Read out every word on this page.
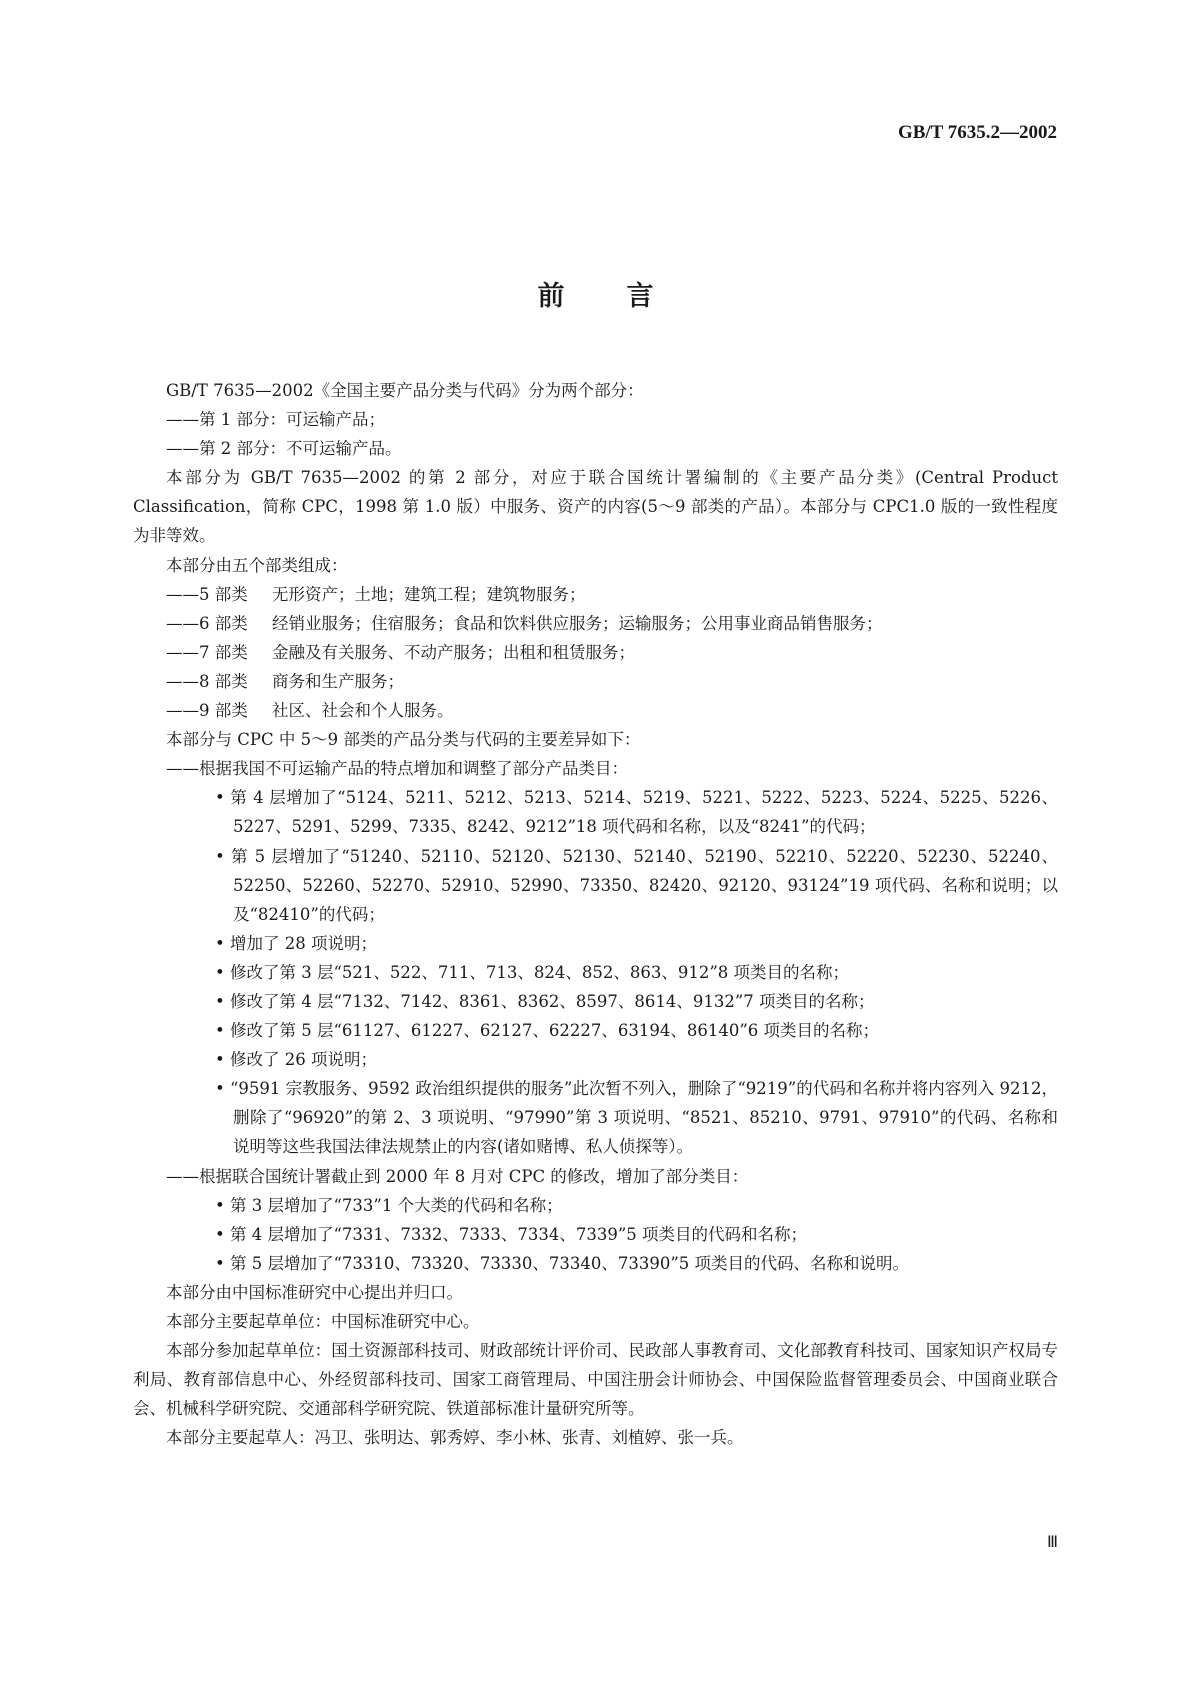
GB/T 7635.2—2002
前言

GB/T 7635—2002《全国主要产品分类与代码》分为两个部分：

——第 1 部分：可运输产品；

——第 2 部分：不可运输产品。

本部分为 GB/T 7635—2002 的第 2 部分，对应于联合国统计署编制的《主要产品分类》(Central Product Classification，简称 CPC，1998 第 1.0 版）中服务、资产的内容(5～9 部类的产品）。本部分与 CPC1.0 版的一致性程度为非等效。

本部分由五个部类组成：

——5 部类 无形资产；土地；建筑工程；建筑物服务；

——6 部类 经销业服务；住宿服务；食品和饮料供应服务；运输服务；公用事业商品销售服务；

——7 部类 金融及有关服务、不动产服务；出租和租赁服务；

——8 部类 商务和生产服务；

——9 部类 社区、社会和个人服务。

本部分与 CPC 中 5～9 部类的产品分类与代码的主要差异如下：

——根据我国不可运输产品的特点增加和调整了部分产品类目：

• 第 4 层增加了“5124、5211、5212、5213、5214、5219、5221、5222、5223、5224、5225、5226、5227、5291、5299、7335、8242、9212”18 项代码和名称，以及“8241”的代码；

• 第 5 层增加了“51240、52110、52120、52130、52140、52190、52210、52220、52230、52240、52250、52260、52270、52910、52990、73350、82420、92120、93124”19 项代码、名称和说明；以及“82410”的代码；

• 增加了 28 项说明；

• 修改了第 3 层“521、522、711、713、824、852、863、912”8 项类目的名称；

• 修改了第 4 层“7132、7142、8361、8362、8597、8614、9132”7 项类目的名称；

• 修改了第 5 层“61127、61227、62127、62227、63194、86140”6 项类目的名称；

• 修改了 26 项说明；

• “9591 宗教服务、9592 政治组织提供的服务”此次暂不列入，删除了“9219”的代码和名称并将内容列入 9212，删除了“96920”的第 2、3 项说明、“97990”第 3 项说明、“8521、85210、9791、97910”的代码、名称和说明等这些我国法律法规禁止的内容(诸如赌博、私人侦探等）。

——根据联合国统计署截止到 2000 年 8 月对 CPC 的修改，增加了部分类目：

• 第 3 层增加了“733”1 个大类的代码和名称；

• 第 4 层增加了“7331、7332、7333、7334、7339”5 项类目的代码和名称；

• 第 5 层增加了“73310、73320、73330、73340、73390”5 项类目的代码、名称和说明。

本部分由中国标准研究中心提出并归口。

本部分主要起草单位：中国标准研究中心。

本部分参加起草单位：国土资源部科技司、财政部统计评价司、民政部人事教育司、文化部教育科技司、国家知识产权局专利局、教育部信息中心、外经贸部科技司、国家工商管理局、中国注册会计师协会、中国保险监督管理委员会、中国商业联合会、机械科学研究院、交通部科学研究院、铁道部标准计量研究所等。

本部分主要起草人：冯卫、张明达、郭秀婷、李小林、张青、刘植婷、张一兵。

Ⅲ
